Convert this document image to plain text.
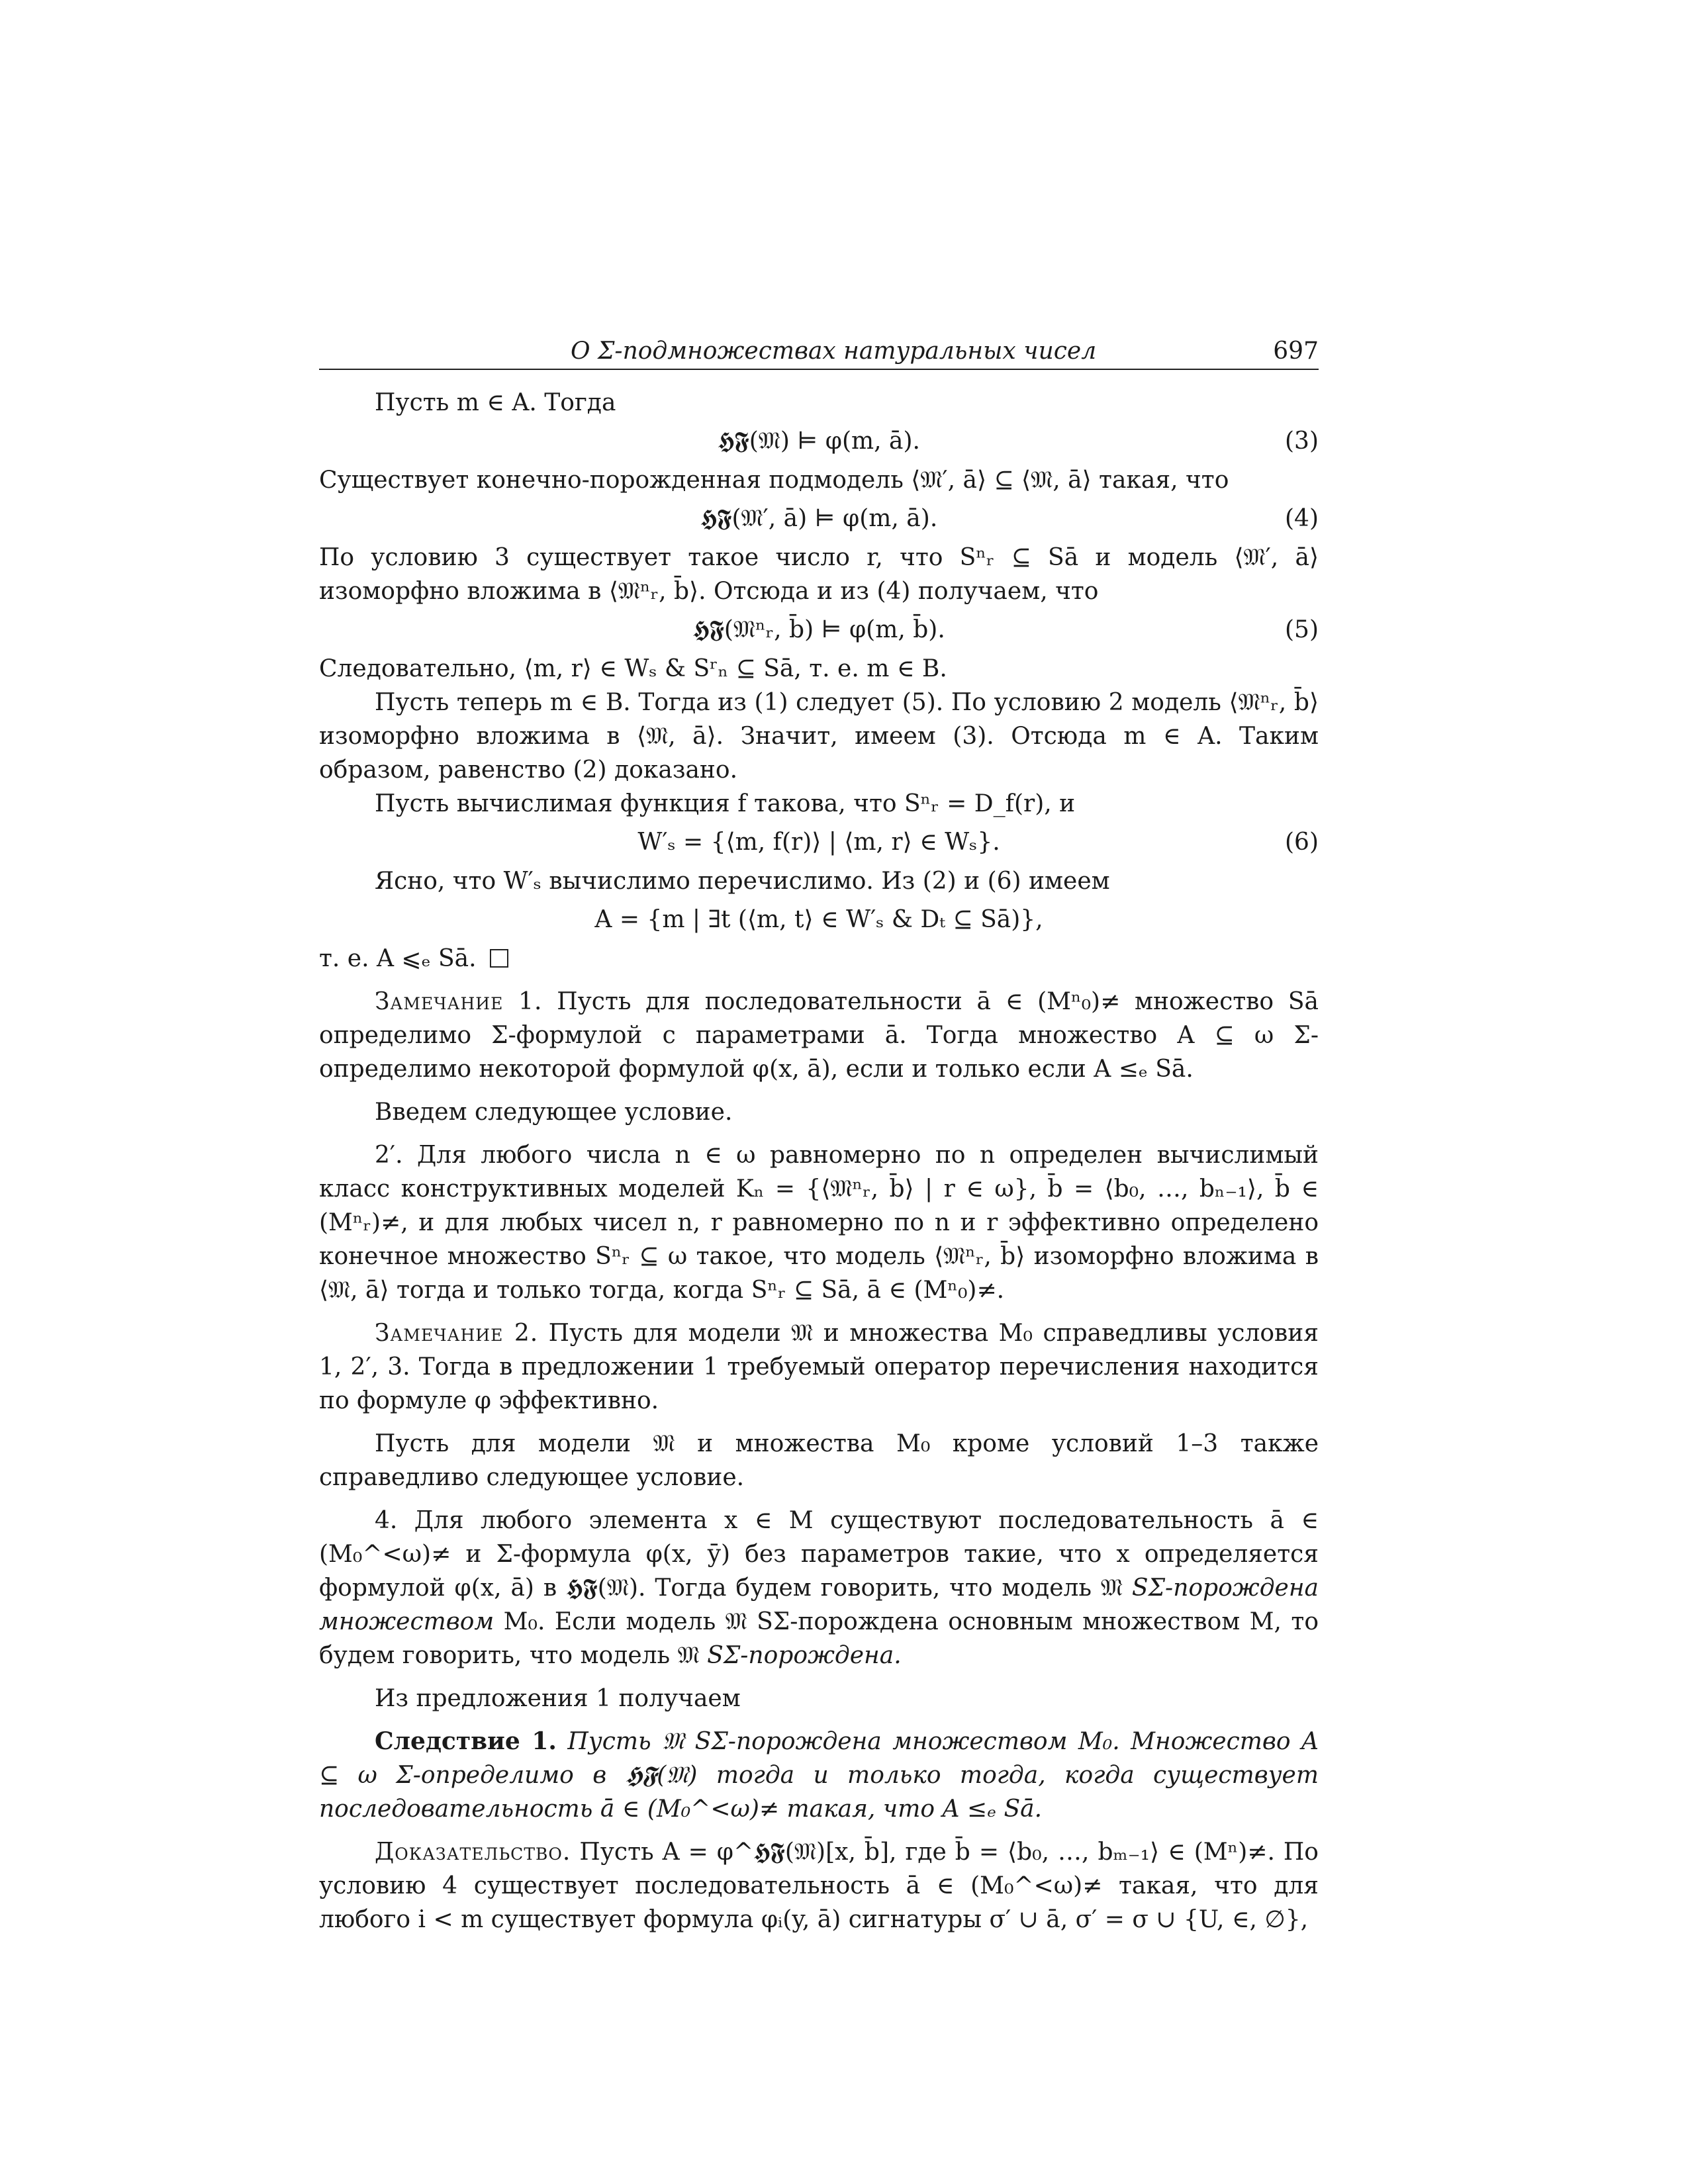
О Σ-подмножествах натуральных чисел	697

Пусть m ∈ A. Тогда

𝕳𝕱(𝔐) ⊨ φ(m, ā).	(3)

Существует конечно-порожденная подмодель ⟨𝔐′, ā⟩ ⊆ ⟨𝔐, ā⟩ такая, что

𝕳𝕱(𝔐′, ā) ⊨ φ(m, ā).	(4)

По условию 3 существует такое число r, что Sⁿᵣ ⊆ Sā и модель ⟨𝔐′, ā⟩ изоморфно вложима в ⟨𝔐ⁿᵣ, b̄⟩. Отсюда и из (4) получаем, что

𝕳𝕱(𝔐ⁿᵣ, b̄) ⊨ φ(m, b̄).	(5)

Следовательно, ⟨m, r⟩ ∈ Wₛ & Sʳₙ ⊆ Sā, т. е. m ∈ B.

Пусть теперь m ∈ B. Тогда из (1) следует (5). По условию 2 модель ⟨𝔐ⁿᵣ, b̄⟩ изоморфно вложима в ⟨𝔐, ā⟩. Значит, имеем (3). Отсюда m ∈ A. Таким образом, равенство (2) доказано.

Пусть вычислимая функция f такова, что Sⁿᵣ = D_f(r), и

W′ₛ = {⟨m, f(r)⟩ | ⟨m, r⟩ ∈ Wₛ}.	(6)

Ясно, что W′ₛ вычислимо перечислимо. Из (2) и (6) имеем

A = {m | ∃t (⟨m, t⟩ ∈ W′ₛ & Dₜ ⊆ Sā)},

т. е. A ⩽ₑ Sā.

Замечание 1. Пусть для последовательности ā ∈ (Mⁿ₀)≠ множество Sā определимо Σ-формулой с параметрами ā. Тогда множество A ⊆ ω Σ-определимо некоторой формулой φ(x, ā), если и только если A ≤ₑ Sā.

Введем следующее условие.

2′. Для любого числа n ∈ ω равномерно по n определен вычислимый класс конструктивных моделей Kₙ = {⟨𝔐ⁿᵣ, b̄⟩ | r ∈ ω}, b̄ = ⟨b₀, …, bₙ₋₁⟩, b̄ ∈ (Mⁿᵣ)≠, и для любых чисел n, r равномерно по n и r эффективно определено конечное множество Sⁿᵣ ⊆ ω такое, что модель ⟨𝔐ⁿᵣ, b̄⟩ изоморфно вложима в ⟨𝔐, ā⟩ тогда и только тогда, когда Sⁿᵣ ⊆ Sā, ā ∈ (Mⁿ₀)≠.

Замечание 2. Пусть для модели 𝔐 и множества M₀ справедливы условия 1, 2′, 3. Тогда в предложении 1 требуемый оператор перечисления находится по формуле φ эффективно.

Пусть для модели 𝔐 и множества M₀ кроме условий 1–3 также справедливо следующее условие.

4. Для любого элемента x ∈ M существуют последовательность ā ∈ (M₀^<ω)≠ и Σ-формула φ(x, ȳ) без параметров такие, что x определяется формулой φ(x, ā) в 𝕳𝕱(𝔐). Тогда будем говорить, что модель 𝔐 SΣ-порождена множеством M₀. Если модель 𝔐 SΣ-порождена основным множеством M, то будем говорить, что модель 𝔐 SΣ-порождена.

Из предложения 1 получаем

Следствие 1. Пусть 𝔐 SΣ-порождена множеством M₀. Множество A ⊆ ω Σ-определимо в 𝕳𝕱(𝔐) тогда и только тогда, когда существует последовательность ā ∈ (M₀^<ω)≠ такая, что A ≤ₑ Sā.

Доказательство. Пусть A = φ^𝕳𝕱(𝔐)[x, b̄], где b̄ = ⟨b₀, …, bₘ₋₁⟩ ∈ (Mⁿ)≠. По условию 4 существует последовательность ā ∈ (M₀^<ω)≠ такая, что для любого i < m существует формула φᵢ(y, ā) сигнатуры σ′ ∪ ā, σ′ = σ ∪ {U, ∈, ∅},
